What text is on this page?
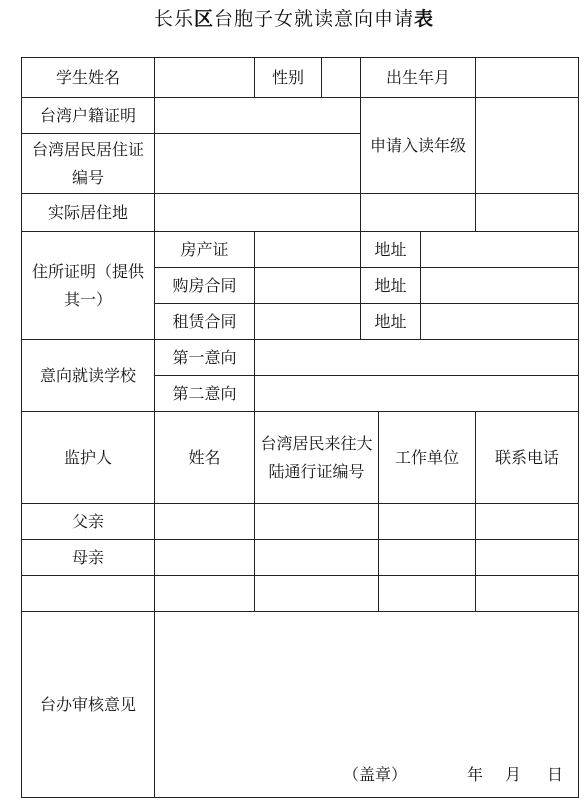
长乐区台胞子女就读意向申请表
学生姓名		性别		出生年月			
台湾户籍证明				申请入读年级			
台湾居民居住证编号							
实际居住地							
住所证明（提供其一）	房产证			地址			
	购房合同			地址			
	租赁合同			地址			
意向就读学校	第一意向						
	第二意向						
监护人	姓名	台湾居民来往大陆通行证编号			工作单位		联系电话
父亲							
母亲							

台办审核意见	（盖章） 年 月 日						
